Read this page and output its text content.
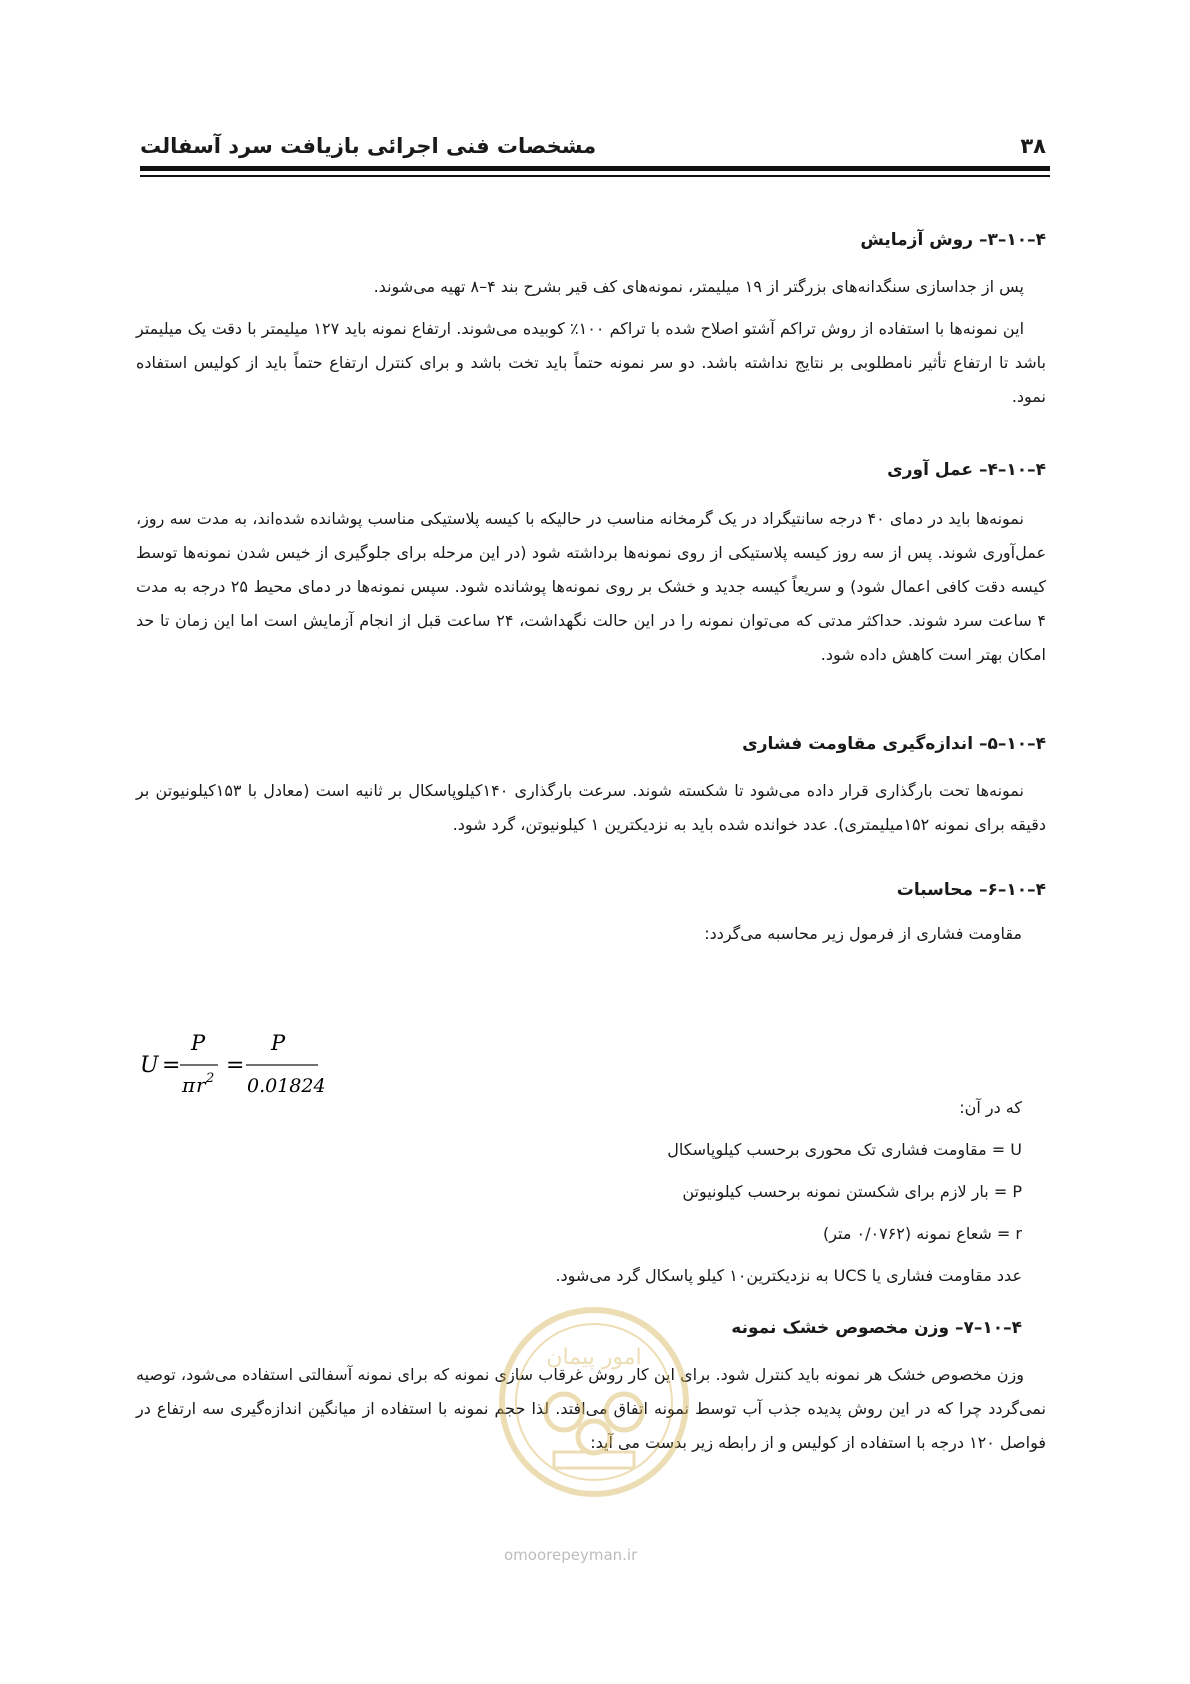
مشخصات فنی اجرائی بازیافت سرد آسفالت	۳۸
۴–۱۰–۳– روش آزمایش
پس از جداسازی سنگدانه‌های بزرگتر از ۱۹ میلیمتر، نمونه‌های کف قیر بشرح بند ۴–۸ تهیه می‌شوند.
این نمونه‌ها با استفاده از روش تراکم آشتو اصلاح شده با تراکم ۱۰۰٪ کوبیده می‌شوند. ارتفاع نمونه باید ۱۲۷ میلیمتر با دقت یک میلیمتر باشد تا ارتفاع تأثیر نامطلوبی بر نتایج نداشته باشد. دو سر نمونه حتماً باید تخت باشد و برای کنترل ارتفاع حتماً باید از کولیس استفاده نمود.
۴–۱۰–۴– عمل آوری
نمونه‌ها باید در دمای ۴۰ درجه سانتیگراد در یک گرمخانه مناسب در حالیکه با کیسه پلاستیکی مناسب پوشانده شده‌اند، به مدت سه روز، عمل‌آوری شوند. پس از سه روز کیسه پلاستیکی از روی نمونه‌ها برداشته شود (در این مرحله برای جلوگیری از خیس شدن نمونه‌ها توسط کیسه دقت کافی اعمال شود) و سریعاً کیسه جدید و خشک بر روی نمونه‌ها پوشانده شود. سپس نمونه‌ها در دمای محیط ۲۵ درجه به مدت ۴ ساعت سرد شوند. حداکثر مدتی که می‌توان نمونه را در این حالت نگهداشت، ۲۴ ساعت قبل از انجام آزمایش است اما این زمان تا حد امکان بهتر است کاهش داده شود.
۴–۱۰–۵– اندازه‌گیری مقاومت فشاری
نمونه‌ها تحت بارگذاری قرار داده می‌شود تا شکسته شوند. سرعت بارگذاری ۱۴۰کیلوپاسکال بر ثانیه است (معادل با ۱۵۳کیلونیوتن بر دقیقه برای نمونه ۱۵۲میلیمتری). عدد خوانده شده باید به نزدیکترین ۱ کیلونیوتن، گرد شود.
۴–۱۰–۶– محاسبات
مقاومت فشاری از فرمول زیر محاسبه می‌گردد:
U =
P
π r 2
=
P
0.01824
که در آن:
U = مقاومت فشاری تک محوری برحسب کیلوپاسکال
P = بار لازم برای شکستن نمونه برحسب کیلونیوتن
r = شعاع نمونه (۰/۰۷۶۲ متر)
عدد مقاومت فشاری یا UCS به نزدیکترین۱۰ کیلو پاسکال گرد می‌شود.
۴–۱۰–۷– وزن مخصوص خشک نمونه
وزن مخصوص خشک هر نمونه باید کنترل شود. برای این کار روش غرقاب سازی نمونه که برای نمونه آسفالتی استفاده می‌شود، توصیه نمی‌گردد چرا که در این روش پدیده جذب آب توسط نمونه اتفاق می‌افتد. لذا حجم نمونه با استفاده از میانگین اندازه‌گیری سه ارتفاع در فواصل ۱۲۰ درجه با استفاده از کولیس و از رابطه زیر بدست می آید:
امور پیمان
omoorepeyman.ir
